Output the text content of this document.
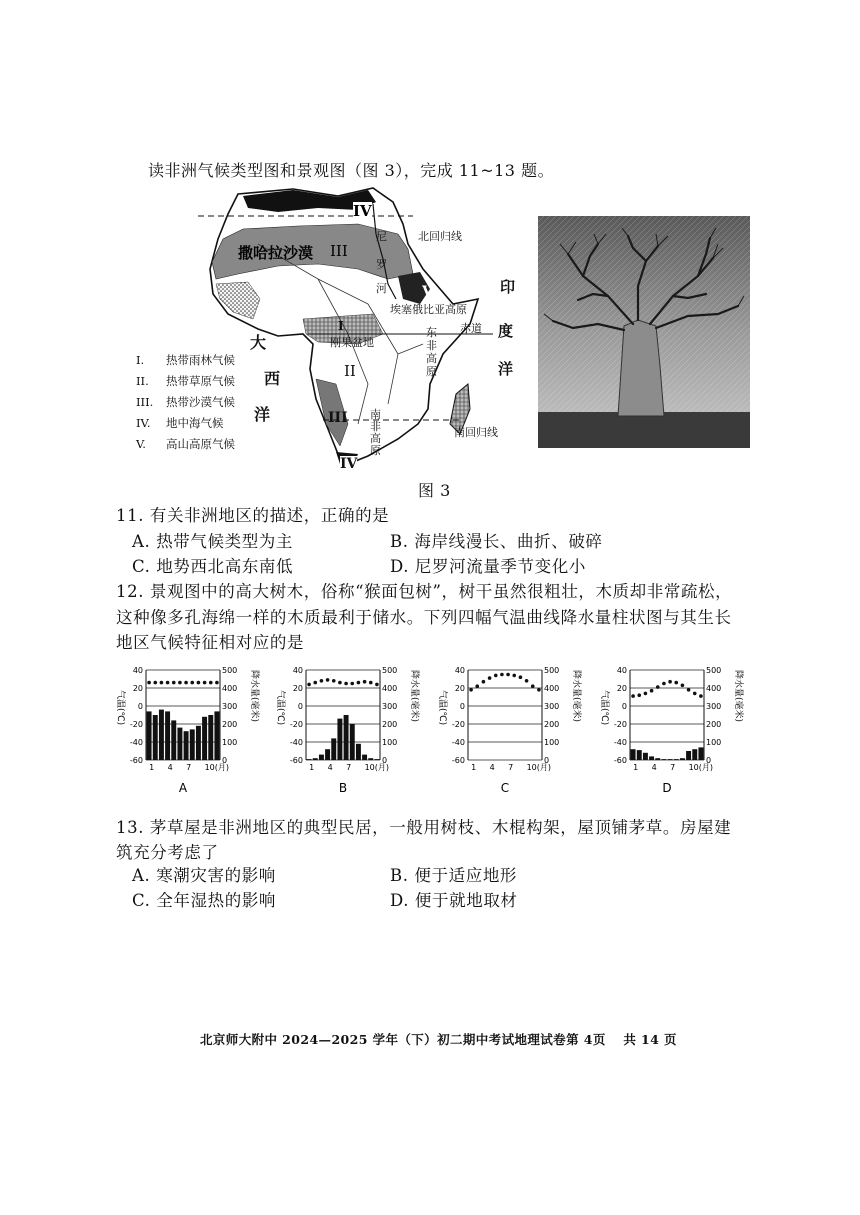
读非洲气候类型图和景观图（图 3），完成 11~13 题。
IV
北回归线
撒哈拉沙漠 III
尼
罗
河	V
埃塞俄比亚高原
印
度
洋
赤道
东
非
高
原
I
刚果盆地
大
西
洋
II
III 南
非
高
原
南回归线
IV
I. 热带雨林气候
II. 热带草原气候
III. 热带沙漠气候
IV. 地中海气候
V. 高山高原气候
图 3
11. 有关非洲地区的描述，正确的是
A. 热带气候类型为主	B. 海岸线漫长、曲折、破碎
C. 地势西北高东南低	D. 尼罗河流量季节变化小
12. 景观图中的高大树木，俗称“猴面包树”，树干虽然很粗壮，木质却非常疏松，
这种像多孔海绵一样的木质最利于储水。下列四幅气温曲线降水量柱状图与其生长
地区气候特征相对应的是
气温(℃)	降水量(毫米)
40
20
0
-20
-40
-60
500
400
300
200
100
0
1 4 7 10(月)
A
气温(℃)	降水量(毫米)
40
20
0
-20
-40
-60
500
400
300
200
100
0
1 4 7 10(月)
B
气温(℃)	降水量(毫米)
40
20
0
-20
-40
-60
500
400
300
200
100
0
1 4 7 10(月)
C
气温(℃)	降水量(毫米)
40
20
0
-20
-40
-60
500
400
300
200
100
0
1 4 7 10(月)
D
13. 茅草屋是非洲地区的典型民居，一般用树枝、木棍构架，屋顶铺茅草。房屋建
筑充分考虑了
A. 寒潮灾害的影响	B. 便于适应地形
C. 全年湿热的影响	D. 便于就地取材
北京师大附中 2024—2025 学年（下）初二期中考试地理试卷第 4页　 共 14 页
